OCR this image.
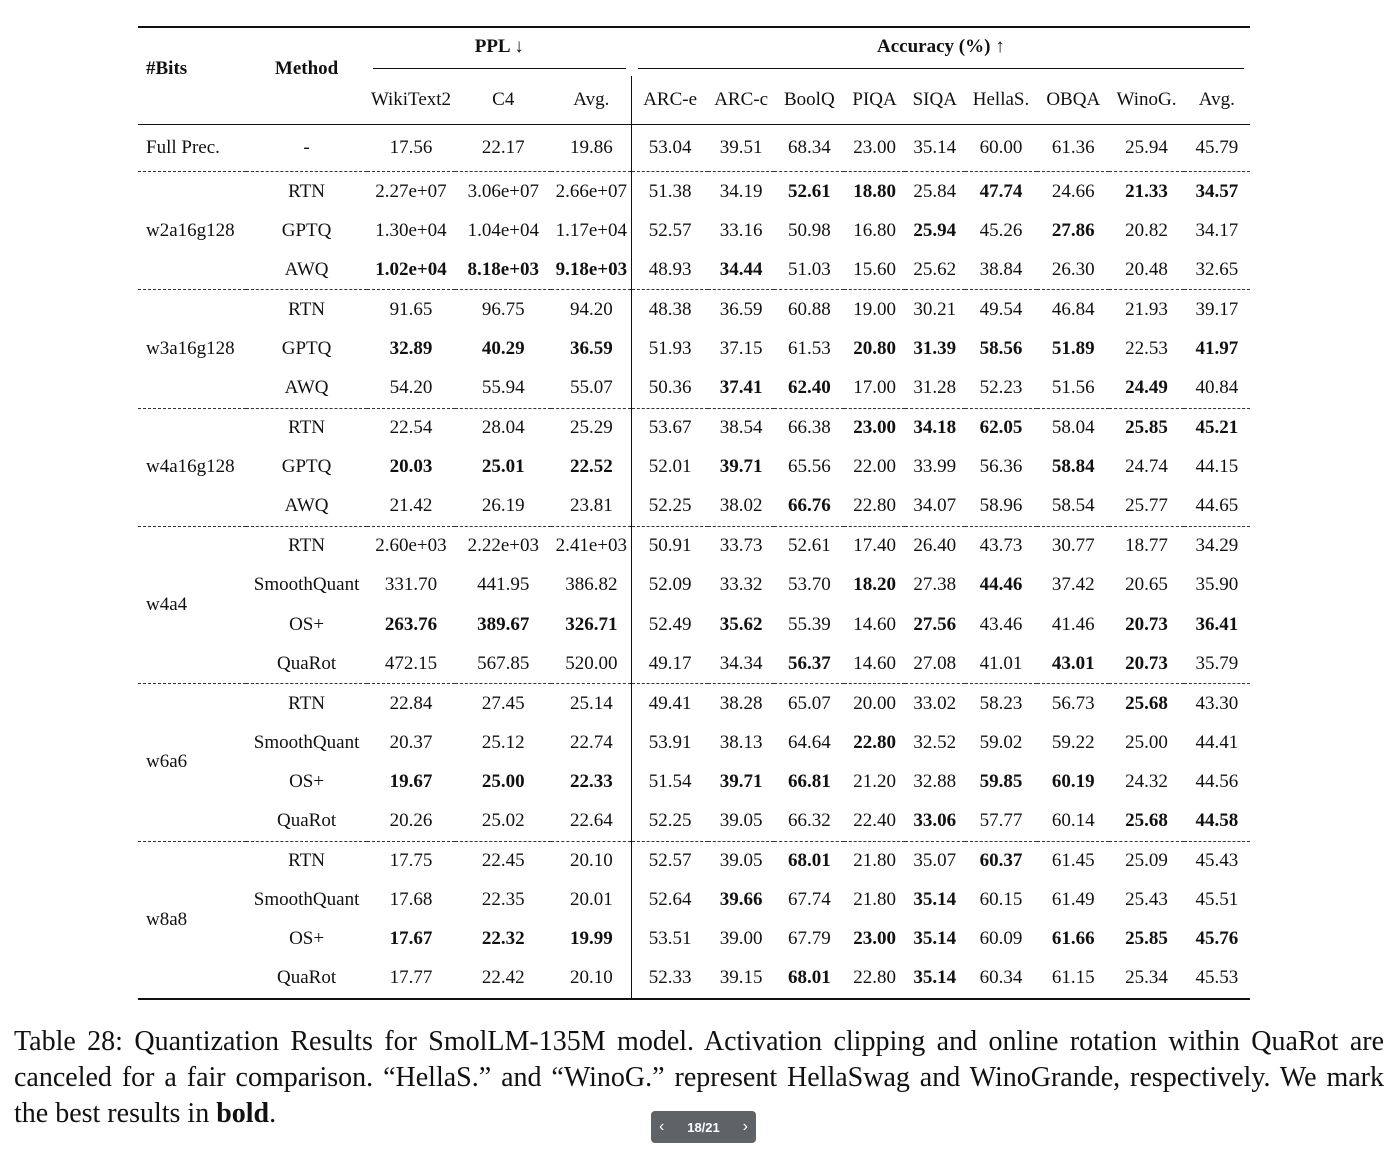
#Bits	Method	PPL ↓			Accuracy (%) ↑								

		WikiText2	C4	Avg.	ARC-e	ARC-c	BoolQ	PIQA	SIQA	HellaS.	OBQA	WinoG.	Avg.
Full Prec.	-	17.56	22.17	19.86	53.04	39.51	68.34	23.00	35.14	60.00	61.36	25.94	45.79
w2a16g128	RTN	2.27e+07	3.06e+07	2.66e+07	51.38	34.19	52.61	18.80	25.84	47.74	24.66	21.33	34.57
	GPTQ	1.30e+04	1.04e+04	1.17e+04	52.57	33.16	50.98	16.80	25.94	45.26	27.86	20.82	34.17
	AWQ	1.02e+04	8.18e+03	9.18e+03	48.93	34.44	51.03	15.60	25.62	38.84	26.30	20.48	32.65
w3a16g128	RTN	91.65	96.75	94.20	48.38	36.59	60.88	19.00	30.21	49.54	46.84	21.93	39.17
	GPTQ	32.89	40.29	36.59	51.93	37.15	61.53	20.80	31.39	58.56	51.89	22.53	41.97
	AWQ	54.20	55.94	55.07	50.36	37.41	62.40	17.00	31.28	52.23	51.56	24.49	40.84
w4a16g128	RTN	22.54	28.04	25.29	53.67	38.54	66.38	23.00	34.18	62.05	58.04	25.85	45.21
	GPTQ	20.03	25.01	22.52	52.01	39.71	65.56	22.00	33.99	56.36	58.84	24.74	44.15
	AWQ	21.42	26.19	23.81	52.25	38.02	66.76	22.80	34.07	58.96	58.54	25.77	44.65
w4a4	RTN	2.60e+03	2.22e+03	2.41e+03	50.91	33.73	52.61	17.40	26.40	43.73	30.77	18.77	34.29
	SmoothQuant	331.70	441.95	386.82	52.09	33.32	53.70	18.20	27.38	44.46	37.42	20.65	35.90
	OS+	263.76	389.67	326.71	52.49	35.62	55.39	14.60	27.56	43.46	41.46	20.73	36.41
	QuaRot	472.15	567.85	520.00	49.17	34.34	56.37	14.60	27.08	41.01	43.01	20.73	35.79
w6a6	RTN	22.84	27.45	25.14	49.41	38.28	65.07	20.00	33.02	58.23	56.73	25.68	43.30
	SmoothQuant	20.37	25.12	22.74	53.91	38.13	64.64	22.80	32.52	59.02	59.22	25.00	44.41
	OS+	19.67	25.00	22.33	51.54	39.71	66.81	21.20	32.88	59.85	60.19	24.32	44.56
	QuaRot	20.26	25.02	22.64	52.25	39.05	66.32	22.40	33.06	57.77	60.14	25.68	44.58
w8a8	RTN	17.75	22.45	20.10	52.57	39.05	68.01	21.80	35.07	60.37	61.45	25.09	45.43
	SmoothQuant	17.68	22.35	20.01	52.64	39.66	67.74	21.80	35.14	60.15	61.49	25.43	45.51
	OS+	17.67	22.32	19.99	53.51	39.00	67.79	23.00	35.14	60.09	61.66	25.85	45.76
	QuaRot	17.77	22.42	20.10	52.33	39.15	68.01	22.80	35.14	60.34	61.15	25.34	45.53
Table 28: Quantization Results for SmolLM-135M model. Activation clipping and online rotation within QuaRot are canceled for a fair comparison. “HellaS.” and “WinoG.” represent HellaSwag and WinoGrande, respectively. We mark the best results in bold.	‹ 18/21 ›
